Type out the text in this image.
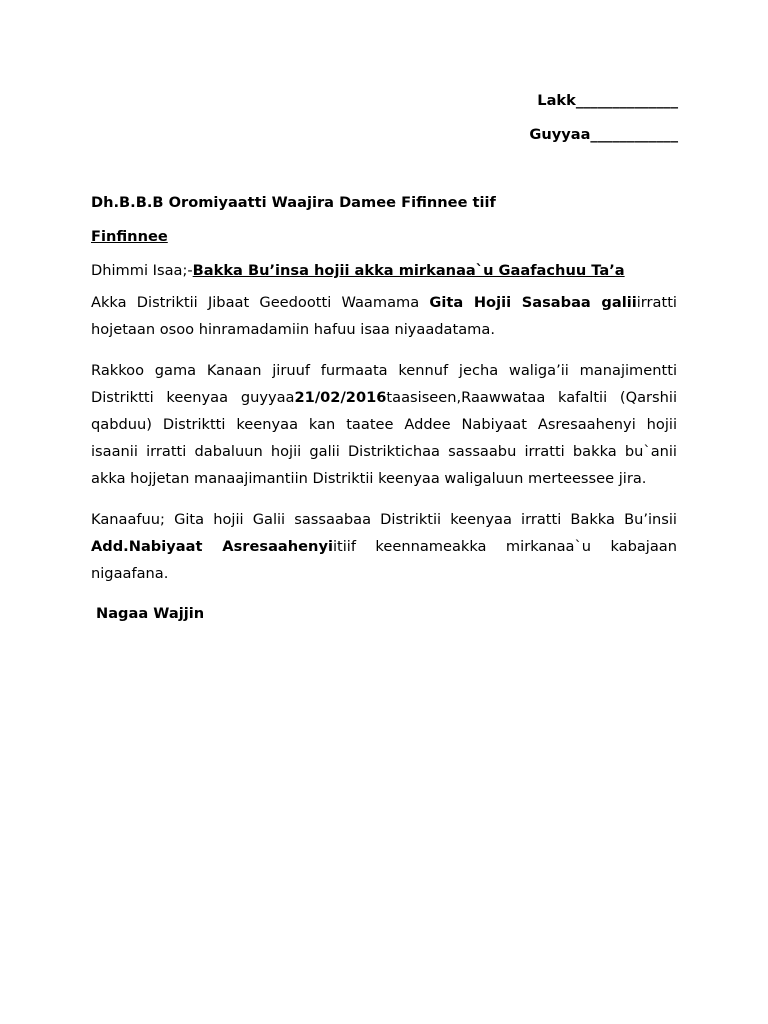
Lakk______________
Guyyaa____________
Dh.B.B.B Oromiyaatti Waajira Damee Fifinnee tiif
Finfinnee
Dhimmi Isaa;-Bakka Bu’insa hojii akka mirkanaa`u Gaafachuu Ta’a

Akka Distriktii Jibaat Geedootti Waamama Gita Hojii Sasabaa galiiirratti hojetaan osoo hinramadamiin hafuu isaa niyaadatama.

Rakkoo gama Kanaan jiruuf furmaata kennuf jecha waliga’ii manajimentti Distriktti keenyaa guyyaa21/02/2016taasiseen,Raawwataa kafaltii (Qarshii qabduu) Distriktti keenyaa kan taatee Addee Nabiyaat Asresaahenyi hojii isaanii irratti dabaluun hojii galii Distriktichaa sassaabu irratti bakka bu`anii akka hojjetan manaajimantiin Distriktii keenyaa waligaluun merteessee jira.

Kanaafuu; Gita hojii Galii sassaabaa Distriktii keenyaa irratti Bakka Bu’insii Add.Nabiyaat Asresaahenyiitiif keennameakka mirkanaa`u kabajaan nigaafana.

Nagaa Wajjin
